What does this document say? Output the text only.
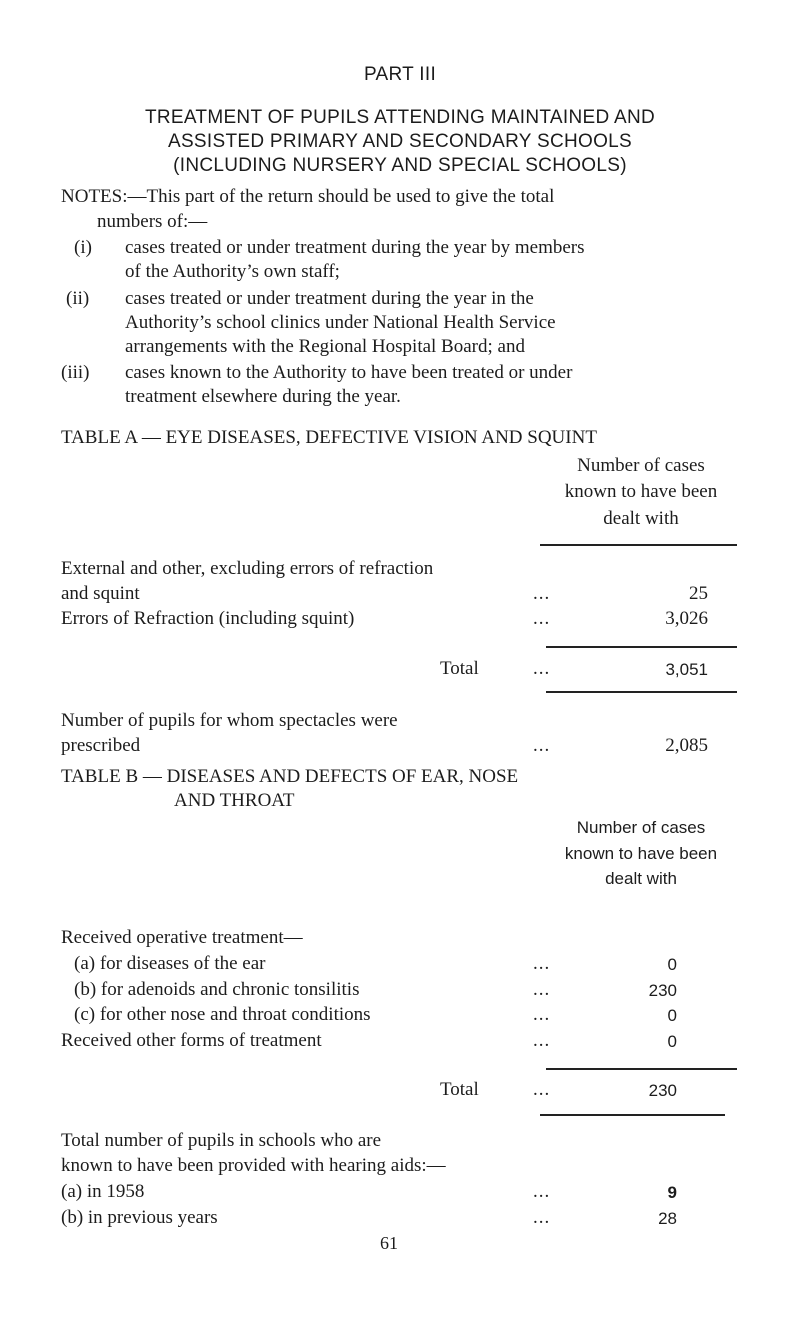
PART III
TREATMENT OF PUPILS ATTENDING MAINTAINED AND
ASSISTED PRIMARY AND SECONDARY SCHOOLS
(INCLUDING NURSERY AND SPECIAL SCHOOLS)
NOTES:—This part of the return should be used to give the total
numbers of:—
(i) cases treated or under treatment during the year by members
of the Authority’s own staff;
(ii) cases treated or under treatment during the year in the
Authority’s school clinics under National Health Service
arrangements with the Regional Hospital Board; and
(iii) cases known to the Authority to have been treated or under
treatment elsewhere during the year.
TABLE A — EYE DISEASES, DEFECTIVE VISION AND SQUINT
Number of cases
known to have been
dealt with
External and other, excluding errors of refraction
and squint	...	25
Errors of Refraction (including squint)	...	3,026
Total	...	3,051
Number of pupils for whom spectacles were
prescribed	...	2,085
TABLE B — DISEASES AND DEFECTS OF EAR, NOSE
AND THROAT
Number of cases
known to have been
dealt with
Received operative treatment—
(a) for diseases of the ear	...	0
(b) for adenoids and chronic tonsilitis	...	230
(c) for other nose and throat conditions	...	0
Received other forms of treatment	...	0
Total	...	230
Total number of pupils in schools who are
known to have been provided with hearing aids:—
(a) in 1958	...	9
(b) in previous years	...	28
61
